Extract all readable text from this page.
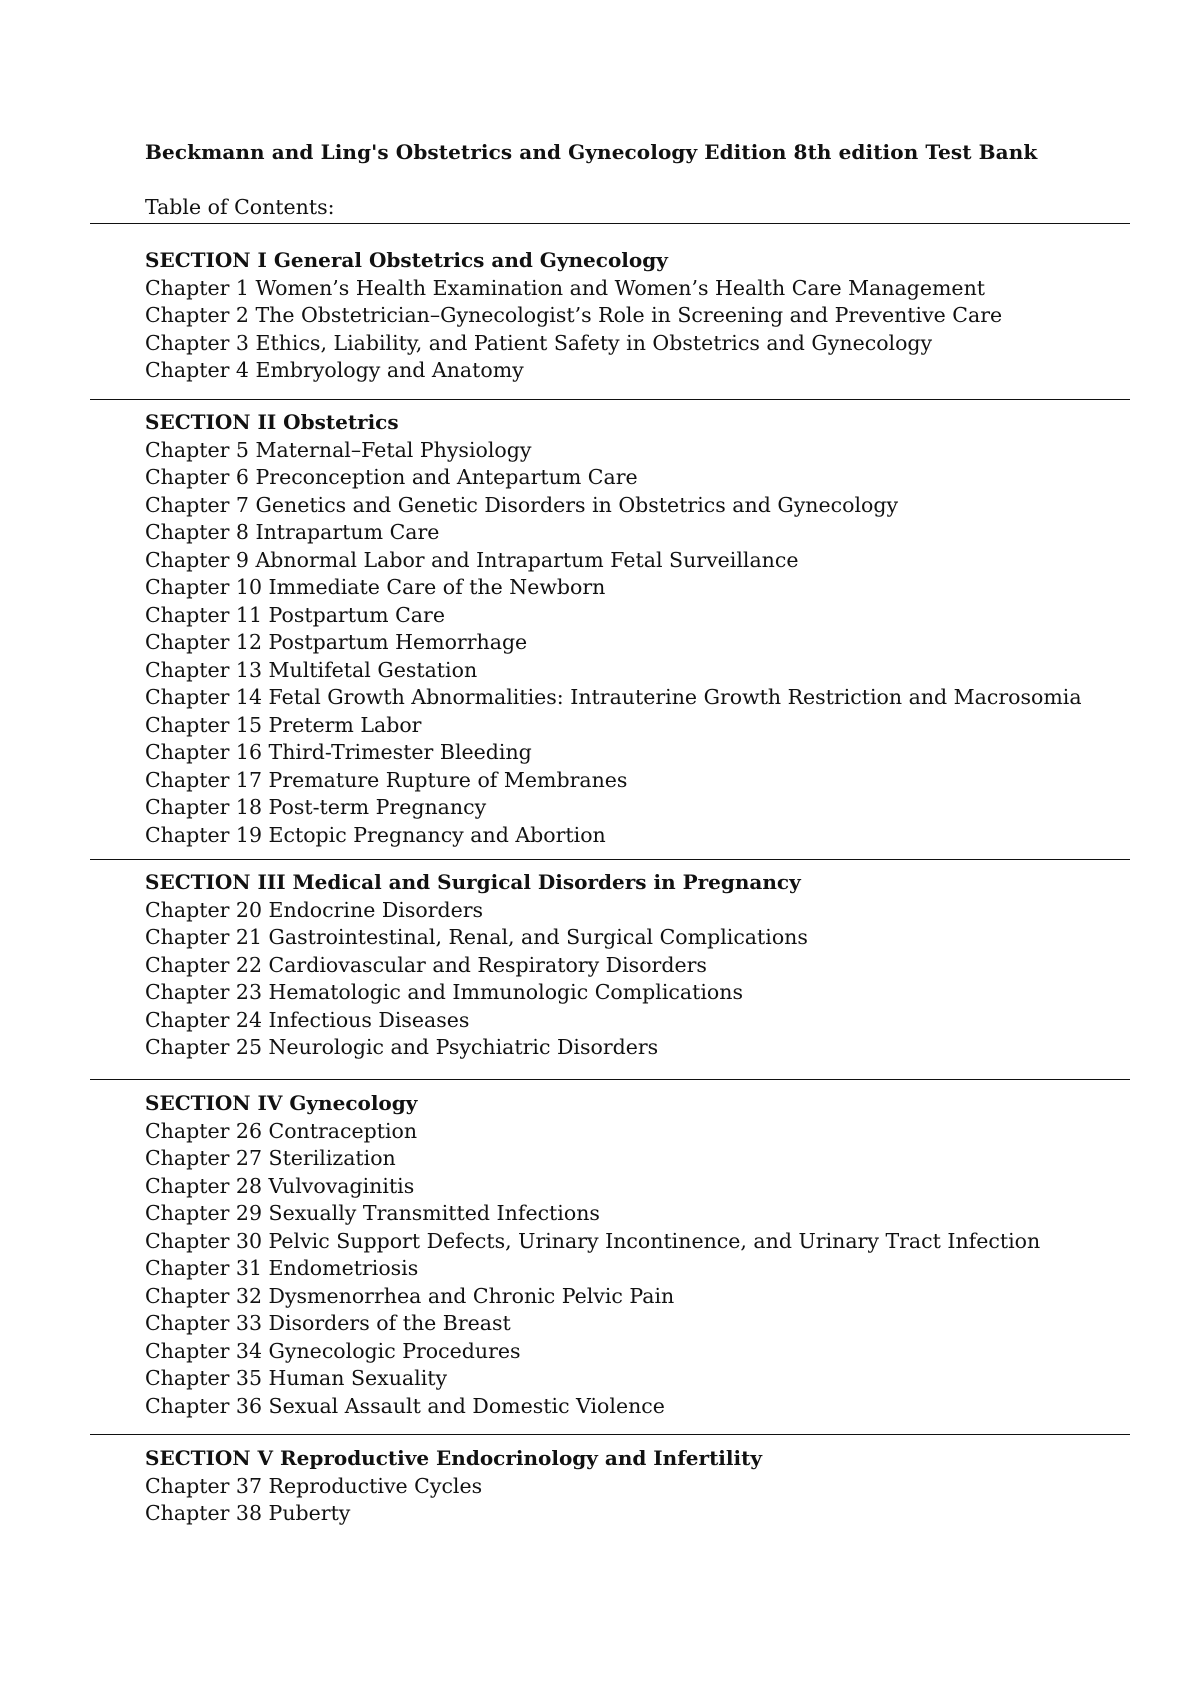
Beckmann and Ling's Obstetrics and Gynecology Edition 8th edition Test Bank
Table of Contents:
SECTION I General Obstetrics and Gynecology
Chapter 1 Women’s Health Examination and Women’s Health Care Management
Chapter 2 The Obstetrician–Gynecologist’s Role in Screening and Preventive Care
Chapter 3 Ethics, Liability, and Patient Safety in Obstetrics and Gynecology
Chapter 4 Embryology and Anatomy
SECTION II Obstetrics
Chapter 5 Maternal–Fetal Physiology
Chapter 6 Preconception and Antepartum Care
Chapter 7 Genetics and Genetic Disorders in Obstetrics and Gynecology
Chapter 8 Intrapartum Care
Chapter 9 Abnormal Labor and Intrapartum Fetal Surveillance
Chapter 10 Immediate Care of the Newborn
Chapter 11 Postpartum Care
Chapter 12 Postpartum Hemorrhage
Chapter 13 Multifetal Gestation
Chapter 14 Fetal Growth Abnormalities: Intrauterine Growth Restriction and Macrosomia
Chapter 15 Preterm Labor
Chapter 16 Third-Trimester Bleeding
Chapter 17 Premature Rupture of Membranes
Chapter 18 Post-term Pregnancy
Chapter 19 Ectopic Pregnancy and Abortion
SECTION III Medical and Surgical Disorders in Pregnancy
Chapter 20 Endocrine Disorders
Chapter 21 Gastrointestinal, Renal, and Surgical Complications
Chapter 22 Cardiovascular and Respiratory Disorders
Chapter 23 Hematologic and Immunologic Complications
Chapter 24 Infectious Diseases
Chapter 25 Neurologic and Psychiatric Disorders
SECTION IV Gynecology
Chapter 26 Contraception
Chapter 27 Sterilization
Chapter 28 Vulvovaginitis
Chapter 29 Sexually Transmitted Infections
Chapter 30 Pelvic Support Defects, Urinary Incontinence, and Urinary Tract Infection
Chapter 31 Endometriosis
Chapter 32 Dysmenorrhea and Chronic Pelvic Pain
Chapter 33 Disorders of the Breast
Chapter 34 Gynecologic Procedures
Chapter 35 Human Sexuality
Chapter 36 Sexual Assault and Domestic Violence
SECTION V Reproductive Endocrinology and Infertility
Chapter 37 Reproductive Cycles
Chapter 38 Puberty
